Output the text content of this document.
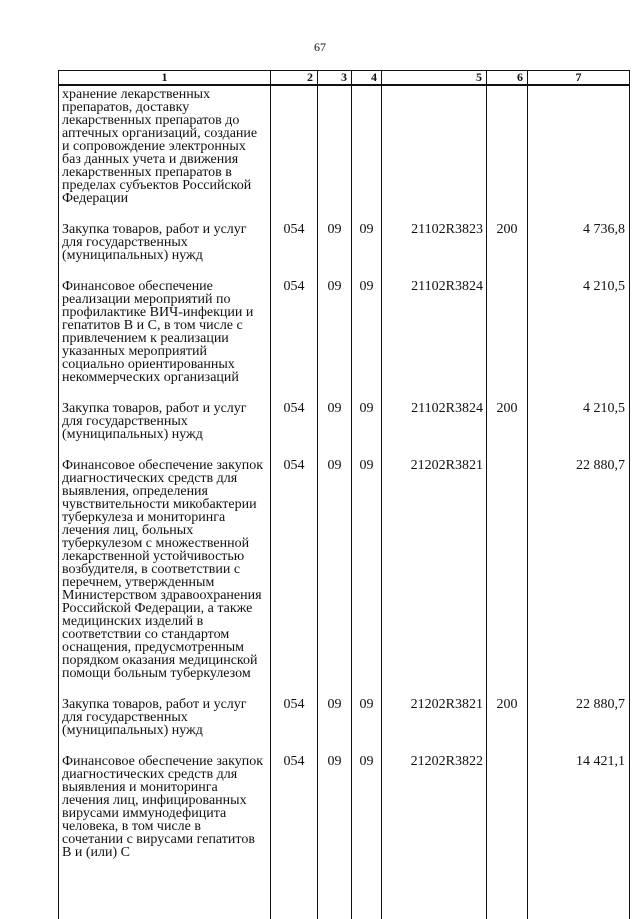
67
1	2	3	4	5	6	7
хранение лекарственных препаратов, доставку лекарственных препаратов до аптечных организаций, создание и сопровождение электронных баз данных учета и движения лекарственных препаратов в пределах субъектов Российской Федерации						
Закупка товаров, работ и услуг для государственных (муниципальных) нужд	054	09	09	21102R3823	200	4 736,8
Финансовое обеспечение реализации мероприятий по профилактике ВИЧ-инфекции и гепатитов В и С, в том числе с привлечением к реализации указанных мероприятий социально ориентированных некоммерческих организаций	054	09	09	21102R3824		4 210,5
Закупка товаров, работ и услуг для государственных (муниципальных) нужд	054	09	09	21102R3824	200	4 210,5
Финансовое обеспечение закупок диагностических средств для выявления, определения чувствительности микобактерии туберкулеза и мониторинга лечения лиц, больных туберкулезом с множественной лекарственной устойчивостью возбудителя, в соответствии с перечнем, утвержденным Министерством здравоохранения Российской Федерации, а также медицинских изделий в соответствии со стандартом оснащения, предусмотренным порядком оказания медицинской помощи больным туберкулезом	054	09	09	21202R3821		22 880,7
Закупка товаров, работ и услуг для государственных (муниципальных) нужд	054	09	09	21202R3821	200	22 880,7
Финансовое обеспечение закупок диагностических средств для выявления и мониторинга лечения лиц, инфицированных вирусами иммунодефицита человека, в том числе в сочетании с вирусами гепатитов В и (или) С	054	09	09	21202R3822		14 421,1
